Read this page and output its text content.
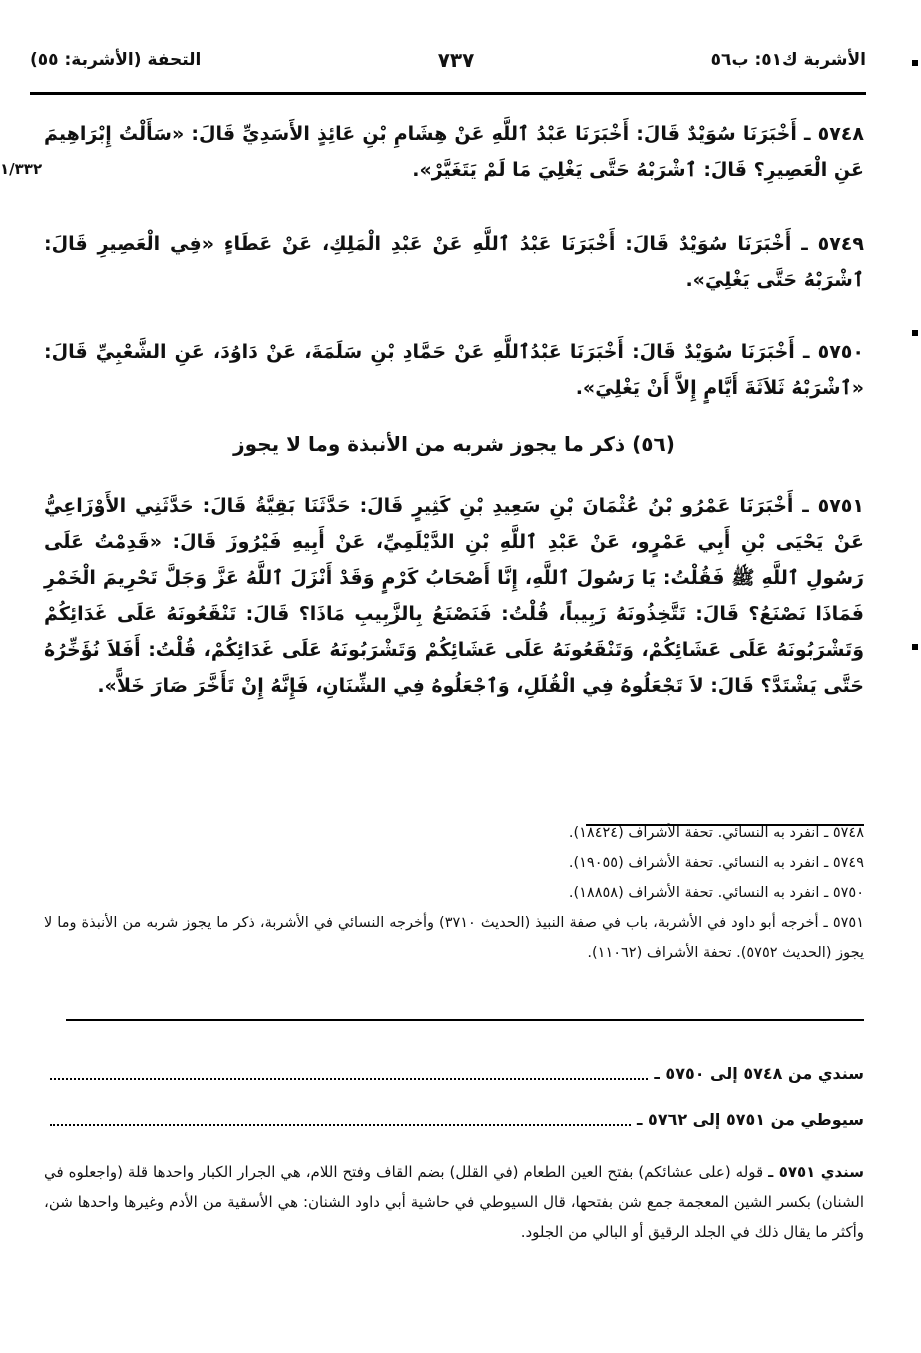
الأشربة ك٥١: ب٥٦
٧٣٧
التحفة (الأشربة: ٥٥)
١/٣٣٢
٥٧٤٨ ـ أَخْبَرَنَا سُوَيْدٌ قَالَ: أَخْبَرَنَا عَبْدُ ٱللَّهِ عَنْ هِشَامِ بْنِ عَائِذٍ الأَسَدِيِّ قَالَ: «سَأَلْتُ إِبْرَاهِيمَ عَنِ الْعَصِيرِ؟ قَالَ: ٱشْرَبْهُ حَتَّى يَغْلِيَ مَا لَمْ يَتَغَيَّرْ».
٥٧٤٩ ـ أَخْبَرَنَا سُوَيْدٌ قَالَ: أَخْبَرَنَا عَبْدُ ٱللَّهِ عَنْ عَبْدِ الْمَلِكِ، عَنْ عَطَاءٍ «فِي الْعَصِيرِ قَالَ: ٱشْرَبْهُ حَتَّى يَغْلِيَ».
٥٧٥٠ ـ أَخْبَرَنَا سُوَيْدٌ قَالَ: أَخْبَرَنَا عَبْدُٱللَّهِ عَنْ حَمَّادِ بْنِ سَلَمَةَ، عَنْ دَاوُدَ، عَنِ الشَّعْبِيِّ قَالَ: «ٱشْرَبْهُ ثَلاَثَةَ أَيَّامٍ إِلاَّ أَنْ يَغْلِيَ».
(٥٦) ذكر ما يجوز شربه من الأنبذة وما لا يجوز
٥٧٥١ ـ أَخْبَرَنَا عَمْرُو بْنُ عُثْمَانَ بْنِ سَعِيدِ بْنِ كَثِيرٍ قَالَ: حَدَّثَنَا بَقِيَّةُ قَالَ: حَدَّثَنِي الأَوْزَاعِيُّ عَنْ يَحْيَى بْنِ أَبِي عَمْرٍو، عَنْ عَبْدِ ٱللَّهِ بْنِ الدَّيْلَمِيِّ، عَنْ أَبِيهِ فَيْرُوزَ قَالَ: «قَدِمْتُ عَلَى رَسُولِ ٱللَّهِ ﷺ فَقُلْتُ: يَا رَسُولَ ٱللَّهِ، إِنَّا أَصْحَابُ كَرْمٍ وَقَدْ أَنْزَلَ ٱللَّهُ عَزَّ وَجَلَّ تَحْرِيمَ الْخَمْرِ فَمَاذَا نَصْنَعُ؟ قَالَ: تَتَّخِذُونَهُ زَبِيباً، قُلْتُ: فَنَصْنَعُ بِالزَّبِيبِ مَاذَا؟ قَالَ: تَنْقَعُونَهُ عَلَى غَدَائِكُمْ وَتَشْرَبُونَهُ عَلَى عَشَائِكُمْ، وَتَنْقَعُونَهُ عَلَى عَشَائِكُمْ وَتَشْرَبُونَهُ عَلَى غَدَائِكُمْ، قُلْتُ: أَفَلاَ نُؤَخِّرُهُ حَتَّى يَشْتَدَّ؟ قَالَ: لاَ تَجْعَلُوهُ فِي الْقُلَلِ، وَٱجْعَلُوهُ فِي الشِّنَانِ، فَإِنَّهُ إِنْ تَأَخَّرَ صَارَ خَلاًّ».
٥٧٤٨ ـ انفرد به النسائي. تحفة الأشراف (١٨٤٢٤).
٥٧٤٩ ـ انفرد به النسائي. تحفة الأشراف (١٩٠٥٥).
٥٧٥٠ ـ انفرد به النسائي. تحفة الأشراف (١٨٨٥٨).
٥٧٥١ ـ أخرجه أبو داود في الأشربة، باب في صفة النبيذ (الحديث ٣٧١٠) وأخرجه النسائي في الأشربة، ذكر ما يجوز شربه من الأنبذة وما لا يجوز (الحديث ٥٧٥٢). تحفة الأشراف (١١٠٦٢).
سندي من ٥٧٤٨ إلى ٥٧٥٠ ـ
سيوطي من ٥٧٥١ إلى ٥٧٦٢ ـ
سندي ٥٧٥١ ـ قوله (على عشائكم) بفتح العين الطعام (في القلل) بضم القاف وفتح اللام، هي الجرار الكبار واحدها قلة (واجعلوه في الشنان) بكسر الشين المعجمة جمع شن بفتحها، قال السيوطي في حاشية أبي داود الشنان: هي الأسقية من الأدم وغيرها واحدها شن، وأكثر ما يقال ذلك في الجلد الرقيق أو البالي من الجلود.
